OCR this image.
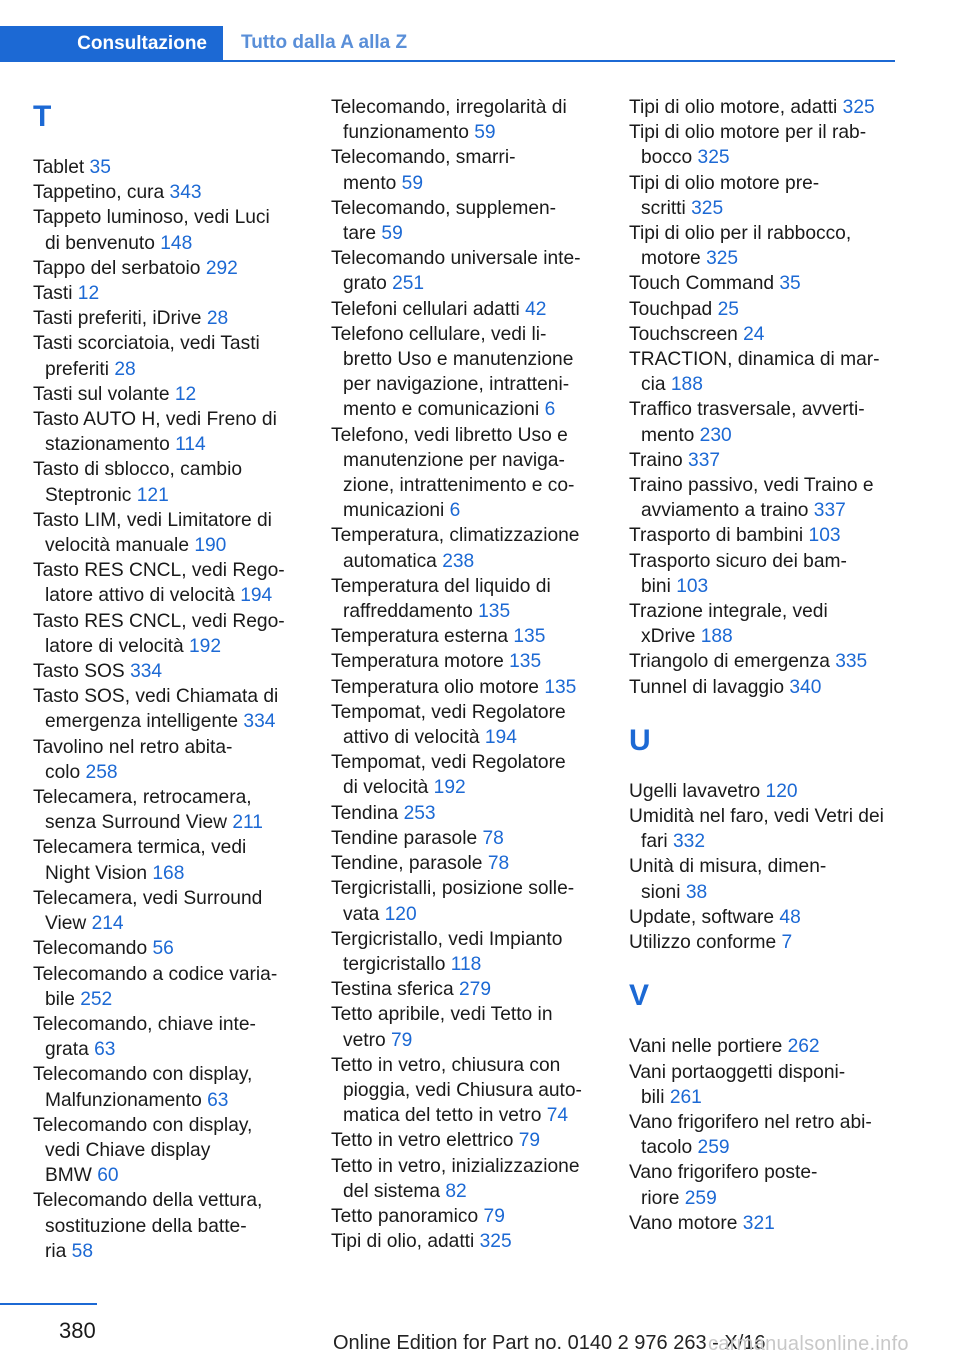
Consultazione	Tutto dalla A alla Z
T
Tablet 35
Tappetino, cura 343
Tappeto luminoso, vedi Luci
di benvenuto 148
Tappo del serbatoio 292
Tasti 12
Tasti preferiti, iDrive 28
Tasti scorciatoia, vedi Tasti
preferiti 28
Tasti sul volante 12
Tasto AUTO H, vedi Freno di
stazionamento 114
Tasto di sblocco, cambio
Steptronic 121
Tasto LIM, vedi Limitatore di
velocità manuale 190
Tasto RES CNCL, vedi Rego‐
latore attivo di velocità 194
Tasto RES CNCL, vedi Rego‐
latore di velocità 192
Tasto SOS 334
Tasto SOS, vedi Chiamata di
emergenza intelligente 334
Tavolino nel retro abita‐
colo 258
Telecamera, retrocamera,
senza Surround View 211
Telecamera termica, vedi
Night Vision 168
Telecamera, vedi Surround
View 214
Telecomando 56
Telecomando a codice varia‐
bile 252
Telecomando, chiave inte‐
grata 63
Telecomando con display,
Malfunzionamento 63
Telecomando con display,
vedi Chiave display
BMW 60
Telecomando della vettura,
sostituzione della batte‐
ria 58
Telecomando, irregolarità di
funzionamento 59
Telecomando, smarri‐
mento 59
Telecomando, supplemen‐
tare 59
Telecomando universale inte‐
grato 251
Telefoni cellulari adatti 42
Telefono cellulare, vedi li‐
bretto Uso e manutenzione
per navigazione, intratteni‐
mento e comunicazioni 6
Telefono, vedi libretto Uso e
manutenzione per naviga‐
zione, intrattenimento e co‐
municazioni 6
Temperatura, climatizzazione
automatica 238
Temperatura del liquido di
raffreddamento 135
Temperatura esterna 135
Temperatura motore 135
Temperatura olio motore 135
Tempomat, vedi Regolatore
attivo di velocità 194
Tempomat, vedi Regolatore
di velocità 192
Tendina 253
Tendine parasole 78
Tendine, parasole 78
Tergicristalli, posizione solle‐
vata 120
Tergicristallo, vedi Impianto
tergicristallo 118
Testina sferica 279
Tetto apribile, vedi Tetto in
vetro 79
Tetto in vetro, chiusura con
pioggia, vedi Chiusura auto‐
matica del tetto in vetro 74
Tetto in vetro elettrico 79
Tetto in vetro, inizializzazione
del sistema 82
Tetto panoramico 79
Tipi di olio, adatti 325
Tipi di olio motore, adatti 325
Tipi di olio motore per il rab‐
bocco 325
Tipi di olio motore pre‐
scritti 325
Tipi di olio per il rabbocco,
motore 325
Touch Command 35
Touchpad 25
Touchscreen 24
TRACTION, dinamica di mar‐
cia 188
Traffico trasversale, avverti‐
mento 230
Traino 337
Traino passivo, vedi Traino e
avviamento a traino 337
Trasporto di bambini 103
Trasporto sicuro dei bam‐
bini 103
Trazione integrale, vedi
xDrive 188
Triangolo di emergenza 335
Tunnel di lavaggio 340
U
Ugelli lavavetro 120
Umidità nel faro, vedi Vetri dei
fari 332
Unità di misura, dimen‐
sioni 38
Update, software 48
Utilizzo conforme 7
V
Vani nelle portiere 262
Vani portaoggetti disponi‐
bili 261
Vano frigorifero nel retro abi‐
tacolo 259
Vano frigorifero poste‐
riore 259
Vano motore 321
380	Online Edition for Part no. 0140 2 976 263 - X/16
carmanualsonline.info
